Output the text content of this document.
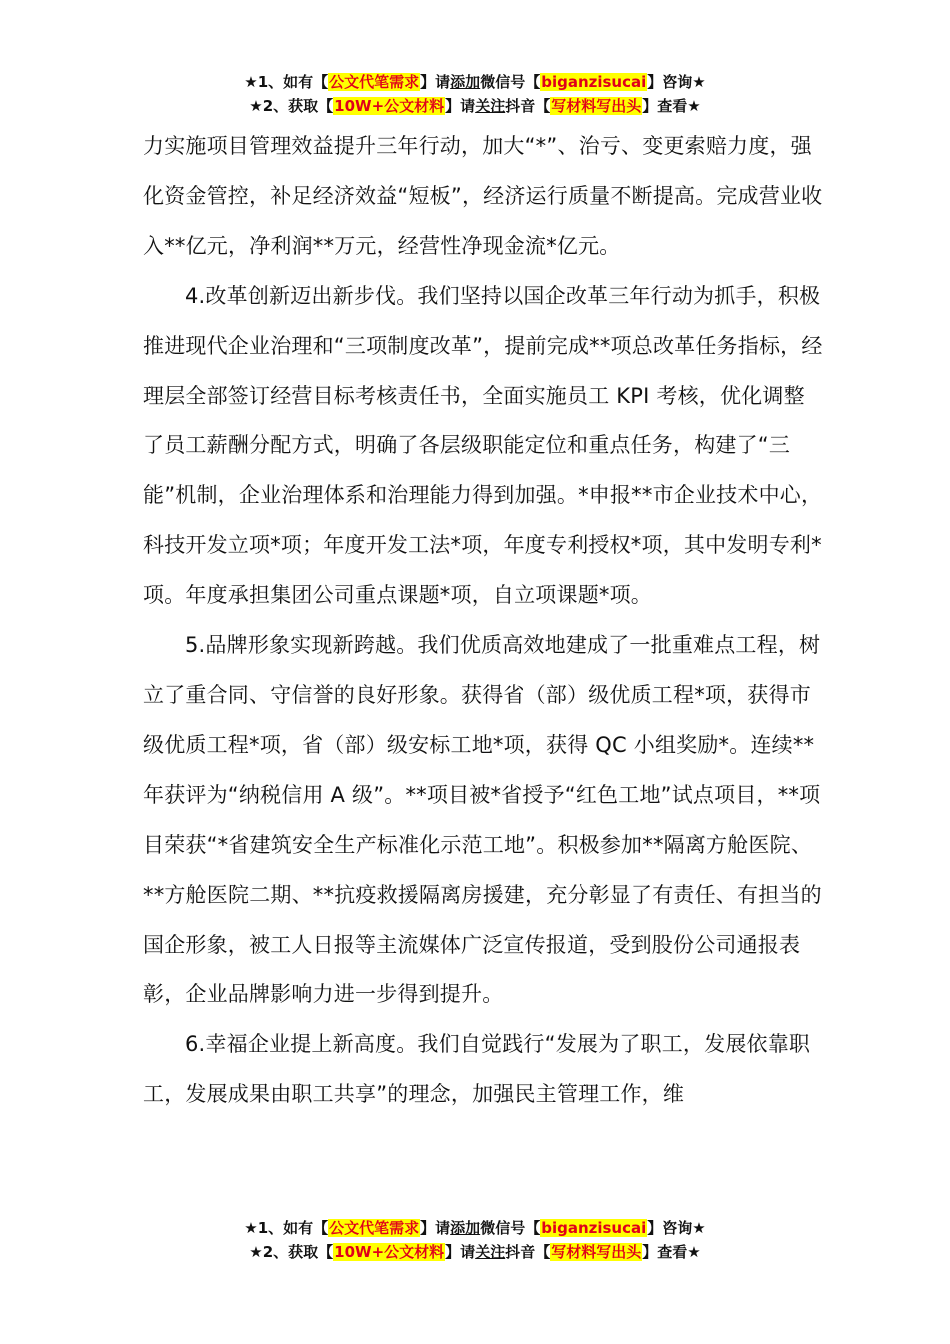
★1、如有【公文代笔需求】请添加微信号【biganzisucai】咨询★
★2、获取【10W+公文材料】请关注抖音【写材料写出头】查看★

力实施项目管理效益提升三年行动，加大“*”、治亏、变更索赔力度，强化资金管控，补足经济效益“短板”，经济运行质量不断提高。完成营业收入**亿元，净利润**万元，经营性净现金流*亿元。

4.改革创新迈出新步伐。我们坚持以国企改革三年行动为抓手，积极推进现代企业治理和“三项制度改革”，提前完成**项总改革任务指标，经理层全部签订经营目标考核责任书，全面实施员工 KPI 考核，优化调整了员工薪酬分配方式，明确了各层级职能定位和重点任务，构建了“三能”机制，企业治理体系和治理能力得到加强。*申报**市企业技术中心，科技开发立项*项；年度开发工法*项，年度专利授权*项，其中发明专利*项。年度承担集团公司重点课题*项，自立项课题*项。

5.品牌形象实现新跨越。我们优质高效地建成了一批重难点工程，树立了重合同、守信誉的良好形象。获得省（部）级优质工程*项，获得市级优质工程*项，省（部）级安标工地*项，获得 QC 小组奖励*。连续**年获评为“纳税信用 A 级”。**项目被*省授予“红色工地”试点项目，**项目荣获“*省建筑安全生产标准化示范工地”。积极参加**隔离方舱医院、**方舱医院二期、**抗疫救援隔离房援建，充分彰显了有责任、有担当的国企形象，被工人日报等主流媒体广泛宣传报道，受到股份公司通报表彰，企业品牌影响力进一步得到提升。

6.幸福企业提上新高度。我们自觉践行“发展为了职工，发展依靠职工，发展成果由职工共享”的理念，加强民主管理工作，维

★1、如有【公文代笔需求】请添加微信号【biganzisucai】咨询★
★2、获取【10W+公文材料】请关注抖音【写材料写出头】查看★
